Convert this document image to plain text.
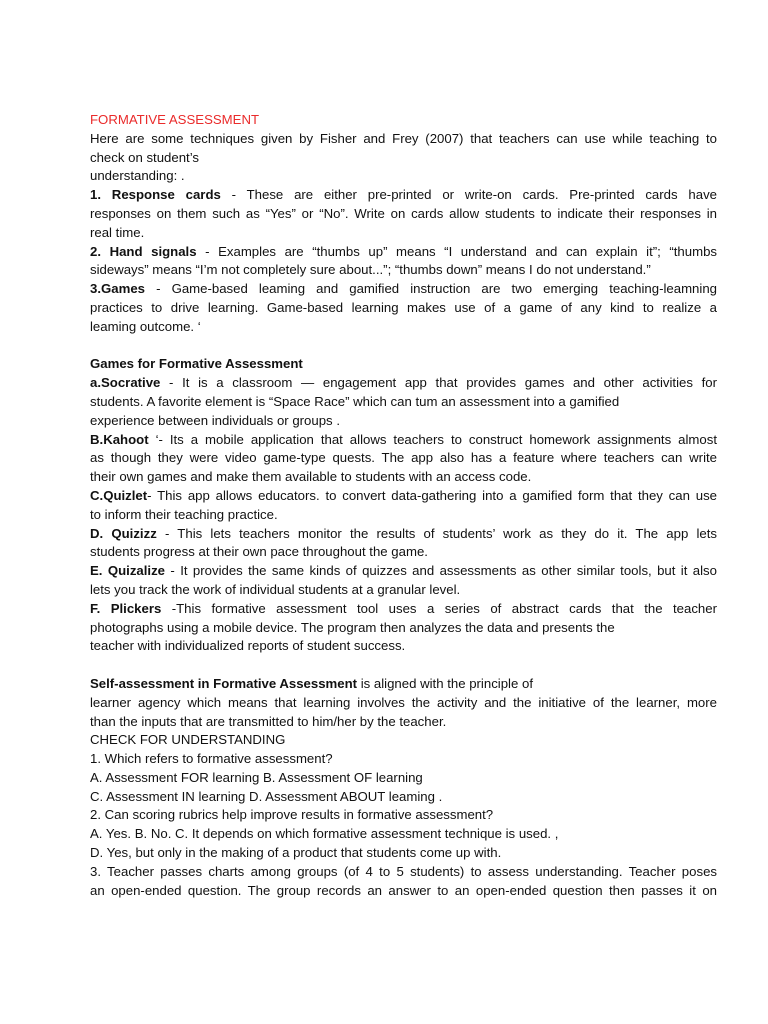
FORMATIVE ASSESSMENT
Here are some techniques given by Fisher and Frey (2007) that teachers can use while teaching to
check on student’s
understanding: .
1. Response cards - These are either pre-printed or write-on cards. Pre-printed cards have
responses on them such as “Yes” or “No”. Write on cards allow students to indicate their responses in
real time.
2. Hand signals - Examples are “thumbs up” means “I understand and can explain it”; “thumbs
sideways” means “I’m not completely sure about...”; “thumbs down” means I do not understand.”
3.Games - Game-based leaming and gamified instruction are two emerging teaching-leamning
practices to drive learning. Game-based learning makes use of a game of any kind to realize a
leaming outcome. ‘
Games for Formative Assessment
a.Socrative - It is a classroom — engagement app that provides games and other activities for
students. A favorite element is “Space Race” which can tum an assessment into a gamified
experience between individuals or groups .
B.Kahoot ‘- Its a mobile application that allows teachers to construct homework assignments almost
as though they were video game-type quests. The app also has a feature where teachers can write
their own games and make them available to students with an access code.
C.Quizlet- This app allows educators. to convert data-gathering into a gamified form that they can use
to inform their teaching practice.
D. Quizizz - This lets teachers monitor the results of students’ work as they do it. The app lets
students progress at their own pace throughout the game.
E. Quizalize - It provides the same kinds of quizzes and assessments as other similar tools, but it also
lets you track the work of individual students at a granular level.
F. Plickers -This formative assessment tool uses a series of abstract cards that the teacher
photographs using a mobile device. The program then analyzes the data and presents the
teacher with individualized reports of student success.
Self-assessment in Formative Assessment is aligned with the principle of
learner agency which means that learning involves the activity and the initiative of the learner, more
than the inputs that are transmitted to him/her by the teacher.
CHECK FOR UNDERSTANDING
1. Which refers to formative assessment?
A. Assessment FOR learning B. Assessment OF learning
C. Assessment IN learning D. Assessment ABOUT leaming .
2. Can scoring rubrics help improve results in formative assessment?
A. Yes. B. No. C. It depends on which formative assessment technique is used. ,
D. Yes, but only in the making of a product that students come up with.
3. Teacher passes charts among groups (of 4 to 5 students) to assess understanding. Teacher poses
an open-ended question. The group records an answer to an open-ended question then passes it on
